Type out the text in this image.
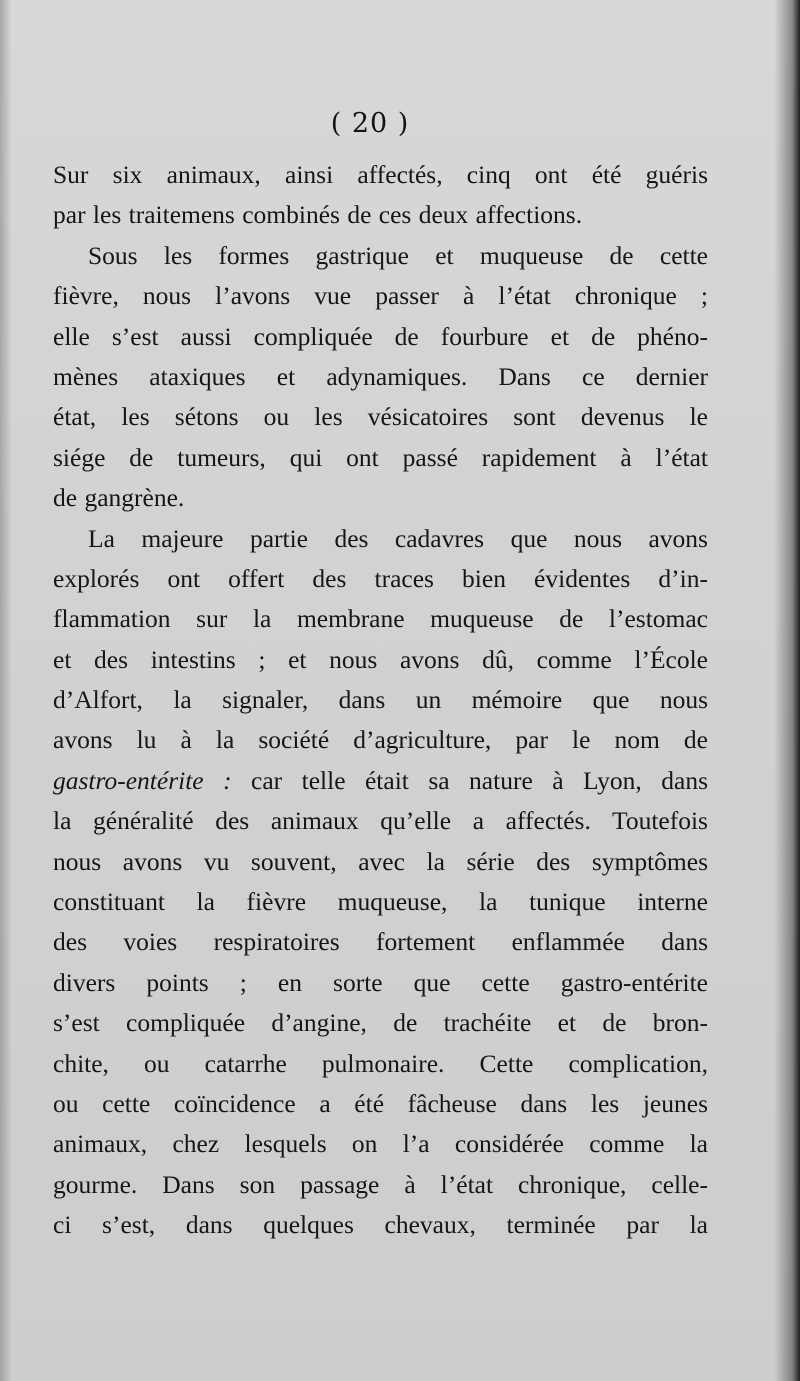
( 20 )
Sur six animaux, ainsi affectés, cinq ont été guéris
par les traitemens combinés de ces deux affections.
Sous les formes gastrique et muqueuse de cette
fièvre, nous l’avons vue passer à l’état chronique ;
elle s’est aussi compliquée de fourbure et de phéno-
mènes ataxiques et adynamiques. Dans ce dernier
état, les sétons ou les vésicatoires sont devenus le
siége de tumeurs, qui ont passé rapidement à l’état
de gangrène.
La majeure partie des cadavres que nous avons
explorés ont offert des traces bien évidentes d’in-
flammation sur la membrane muqueuse de l’estomac
et des intestins ; et nous avons dû, comme l’École
d’Alfort, la signaler, dans un mémoire que nous
avons lu à la société d’agriculture, par le nom de
gastro-entérite : car telle était sa nature à Lyon, dans
la généralité des animaux qu’elle a affectés. Toutefois
nous avons vu souvent, avec la série des symptômes
constituant la fièvre muqueuse, la tunique interne
des voies respiratoires fortement enflammée dans
divers points ; en sorte que cette gastro-entérite
s’est compliquée d’angine, de trachéite et de bron-
chite, ou catarrhe pulmonaire. Cette complication,
ou cette coïncidence a été fâcheuse dans les jeunes
animaux, chez lesquels on l’a considérée comme la
gourme. Dans son passage à l’état chronique, celle-
ci s’est, dans quelques chevaux, terminée par la
